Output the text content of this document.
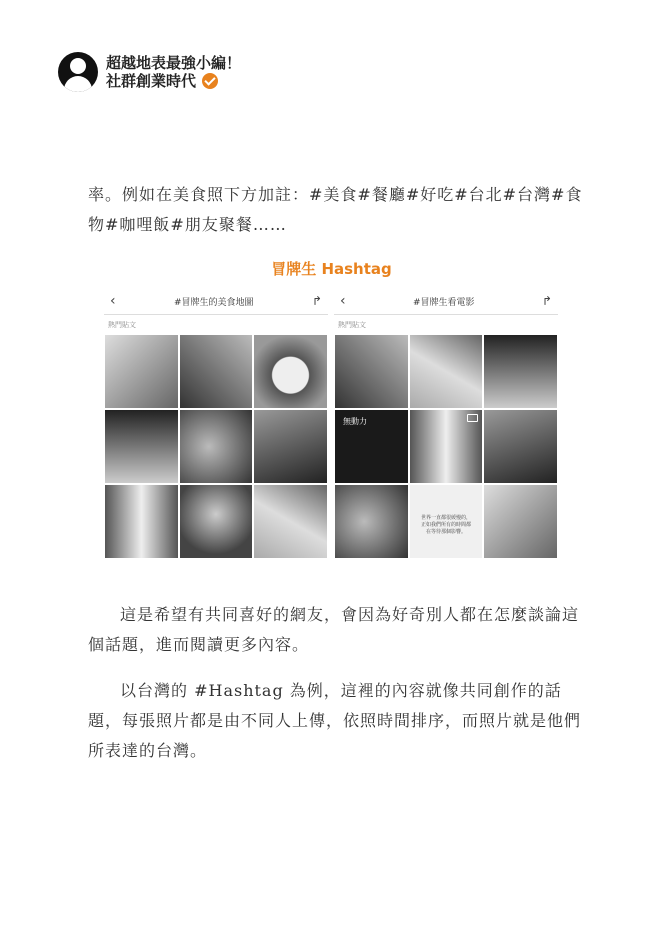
超越地表最強小編！
社群創業時代
率。例如在美食照下方加註：#美食#餐廳#好吃#台北#台灣#食物#咖哩飯#朋友聚餐……
冒牌生 Hashtag
‹	#冒牌生的美食地圖	↱
熱門貼文
‹	#冒牌生看電影	↱
熱門貼文
無動力
世界一直都很緩慢的，正如我們所有的時間都在等待那個影響。
這是希望有共同喜好的網友，會因為好奇別人都在怎麼談論這個話題，進而閱讀更多內容。
以台灣的 #Hashtag 為例，這裡的內容就像共同創作的話題，每張照片都是由不同人上傳，依照時間排序，而照片就是他們所表達的台灣。
